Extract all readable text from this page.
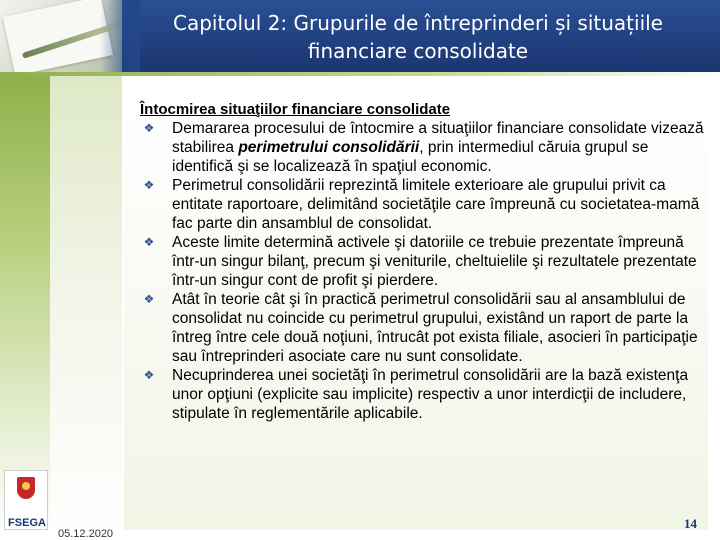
Capitolul 2: Grupurile de întreprinderi și situațiile
financiare consolidate
FSEGA
05.12.2020
Întocmirea situaţiilor financiare consolidate
❖ Demararea procesului de întocmire a situaţiilor financiare consolidate vizează stabilirea perimetrului consolidării, prin intermediul căruia grupul se identifică şi se localizează în spaţiul economic.
❖ Perimetrul consolidării reprezintă limitele exterioare ale grupului privit ca entitate raportoare, delimitând societăţile care împreună cu societatea-mamă fac parte din ansamblul de consolidat.
❖ Aceste limite determină activele şi datoriile ce trebuie prezentate împreună într-un singur bilanţ, precum şi veniturile, cheltuielile şi rezultatele prezentate într-un singur cont de profit şi pierdere.
❖ Atât în teorie cât şi în practică perimetrul consolidării sau al ansamblului de consolidat nu coincide cu perimetrul grupului, existând un raport de parte la întreg între cele două noţiuni, întrucât pot exista filiale, asocieri în participaţie sau întreprinderi asociate care nu sunt consolidate.
❖ Necuprinderea unei societăţi în perimetrul consolidării are la bază existenţa unor opţiuni (explicite sau implicite) respectiv a unor interdicţii de includere, stipulate în reglementările aplicabile.
14
